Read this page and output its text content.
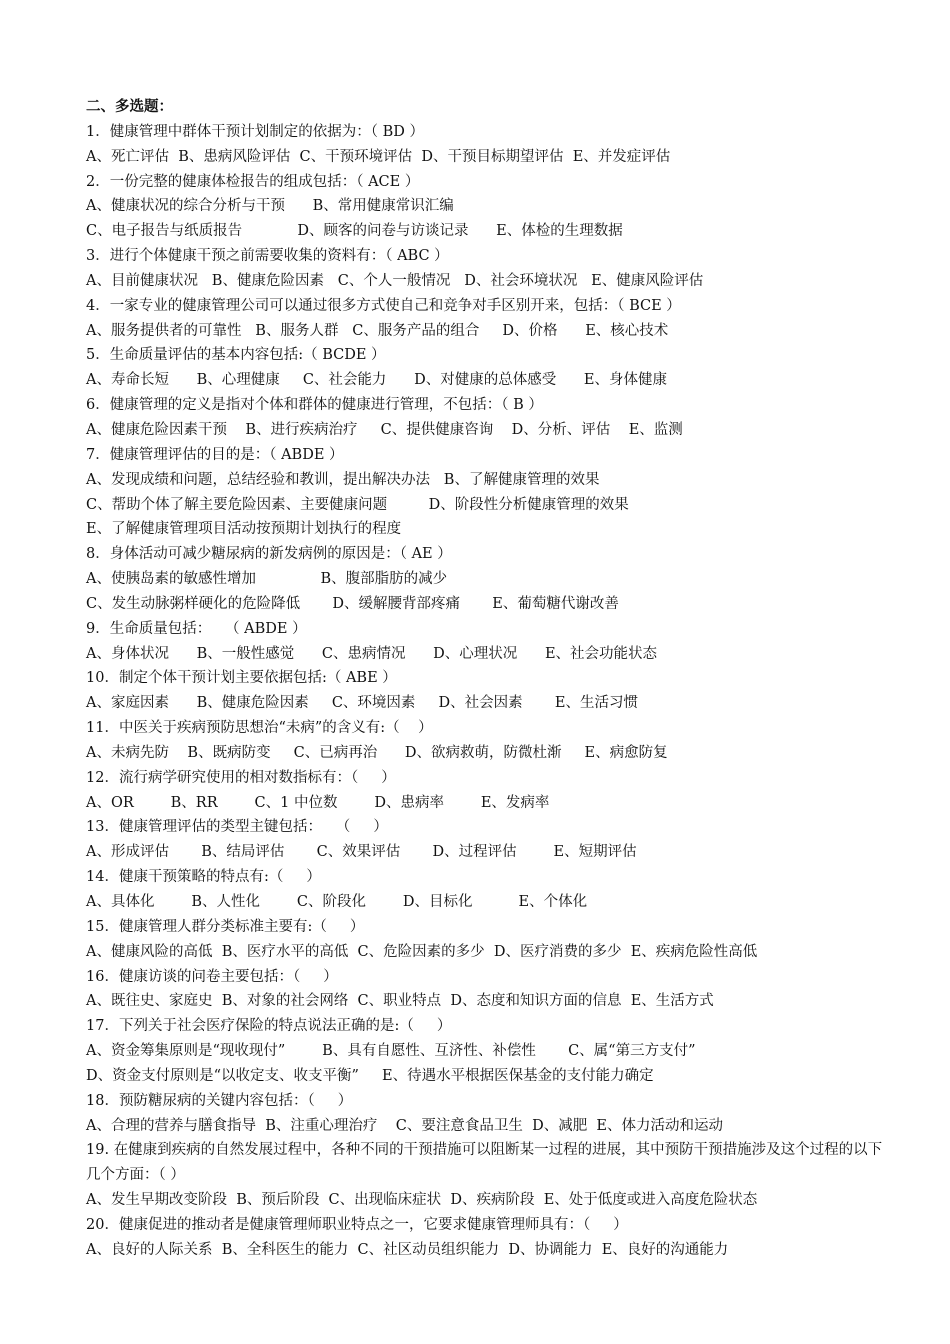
二、多选题：
1．健康管理中群体干预计划制定的依据为：（ BD ）
A、死亡评估  B、患病风险评估  C、干预环境评估  D、干预目标期望评估  E、并发症评估
2．一份完整的健康体检报告的组成包括：（ ACE ）
A、健康状况的综合分析与干预      B、常用健康常识汇编
C、电子报告与纸质报告            D、顾客的问卷与访谈记录      E、体检的生理数据
3．进行个体健康干预之前需要收集的资料有：（ ABC ）
A、目前健康状况   B、健康危险因素   C、个人一般情况   D、社会环境状况   E、健康风险评估
4．一家专业的健康管理公司可以通过很多方式使自己和竞争对手区别开来，包括：（ BCE ）
A、服务提供者的可靠性   B、服务人群   C、服务产品的组合     D、价格      E、核心技术
5．生命质量评估的基本内容包括:（ BCDE ）
A、寿命长短      B、心理健康     C、社会能力      D、对健康的总体感受      E、身体健康
6．健康管理的定义是指对个体和群体的健康进行管理，不包括：（ B ）
A、健康危险因素干预    B、进行疾病治疗     C、提供健康咨询    D、分析、评估    E、监测
7．健康管理评估的目的是：（ ABDE ）
A、发现成绩和问题，总结经验和教训，提出解决办法   B、了解健康管理的效果
C、帮助个体了解主要危险因素、主要健康问题         D、阶段性分析健康管理的效果
E、了解健康管理项目活动按预期计划执行的程度
8．身体活动可减少糖尿病的新发病例的原因是：（ AE ）
A、使胰岛素的敏感性增加              B、腹部脂肪的减少
C、发生动脉粥样硬化的危险降低       D、缓解腰背部疼痛       E、葡萄糖代谢改善
9．生命质量包括：   （ ABDE ）
A、身体状况      B、一般性感觉      C、患病情况      D、心理状况      E、社会功能状态
10．制定个体干预计划主要依据包括:（ ABE ）
A、家庭因素      B、健康危险因素     C、环境因素     D、社会因素       E、生活习惯
11．中医关于疾病预防思想治“未病”的含义有:（    ）
A、未病先防    B、既病防变     C、已病再治      D、欲病救萌，防微杜渐     E、病愈防复
12．流行病学研究使用的相对数指标有：（     ）
A、OR        B、RR        C、1 中位数        D、患病率        E、发病率
13．健康管理评估的类型主键包括：   （     ）
A、形成评估       B、结局评估       C、效果评估       D、过程评估        E、短期评估
14．健康干预策略的特点有:（     ）
A、具体化        B、人性化        C、阶段化        D、目标化          E、个体化
15．健康管理人群分类标准主要有:（     ）
A、健康风险的高低  B、医疗水平的高低  C、危险因素的多少  D、医疗消费的多少  E、疾病危险性高低
16．健康访谈的问卷主要包括：（     ）
A、既往史、家庭史  B、对象的社会网络  C、职业特点  D、态度和知识方面的信息  E、生活方式
17．下列关于社会医疗保险的特点说法正确的是:（     ）
A、资金筹集原则是“现收现付”        B、具有自愿性、互济性、补偿性       C、属“第三方支付”
D、资金支付原则是“以收定支、收支平衡”     E、待遇水平根据医保基金的支付能力确定
18．预防糖尿病的关键内容包括：（     ）
A、合理的营养与膳食指导  B、注重心理治疗    C、要注意食品卫生  D、减肥  E、体力活动和运动
19. 在健康到疾病的自然发展过程中，各种不同的干预措施可以阻断某一过程的进展，其中预防干预措施涉及这个过程的以下几个方面：（ ）
A、发生早期改变阶段  B、预后阶段  C、出现临床症状  D、疾病阶段  E、处于低度或进入高度危险状态
20．健康促进的推动者是健康管理师职业特点之一，它要求健康管理师具有：（     ）
A、良好的人际关系  B、全科医生的能力  C、社区动员组织能力  D、协调能力  E、良好的沟通能力
